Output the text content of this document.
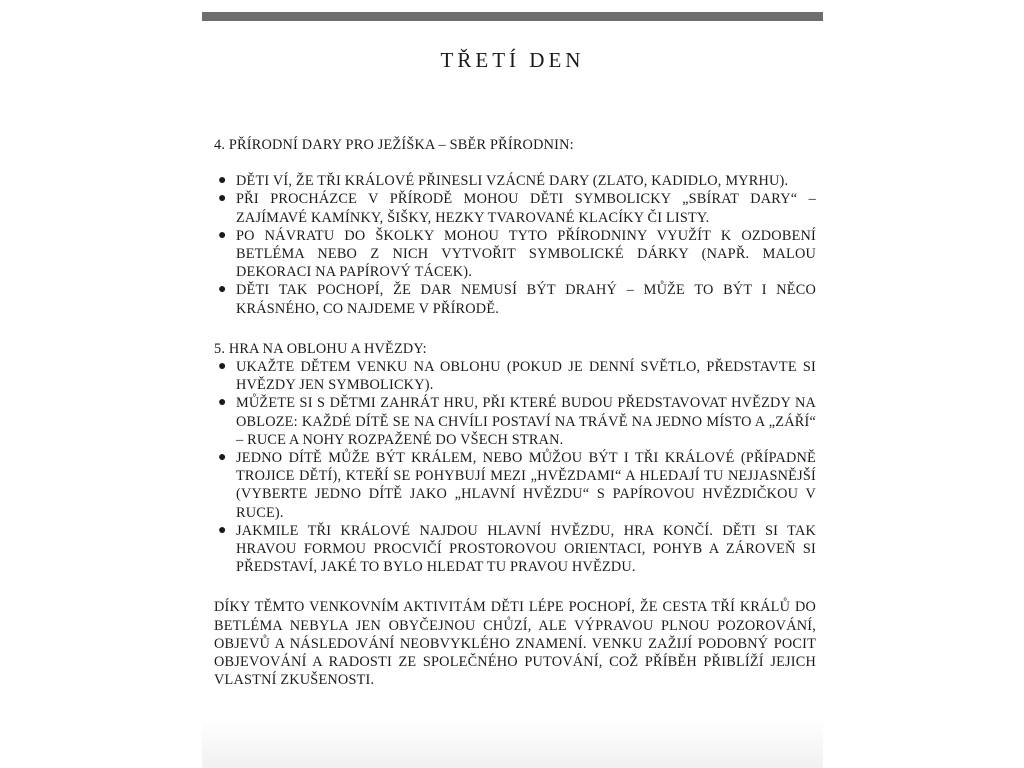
TŘETÍ DEN

4. PŘÍRODNÍ DARY PRO JEŽÍŠKA – SBĚR PŘÍRODNIN:

● DĚTI VÍ, ŽE TŘI KRÁLOVÉ PŘINESLI VZÁCNÉ DARY (ZLATO, KADIDLO, MYRHU).
● PŘI PROCHÁZCE V PŘÍRODĚ MOHOU DĚTI SYMBOLICKY „SBÍRAT DARY“ – ZAJÍMAVÉ KAMÍNKY, ŠIŠKY, HEZKY TVAROVANÉ KLACÍKY ČI LISTY.
● PO NÁVRATU DO ŠKOLKY MOHOU TYTO PŘÍRODNINY VYUŽÍT K OZDOBENÍ BETLÉMA NEBO Z NICH VYTVOŘIT SYMBOLICKÉ DÁRKY (NAPŘ. MALOU DEKORACI NA PAPÍROVÝ TÁCEK).
● DĚTI TAK POCHOPÍ, ŽE DAR NEMUSÍ BÝT DRAHÝ – MŮŽE TO BÝT I NĚCO KRÁSNÉHO, CO NAJDEME V PŘÍRODĚ.

5. HRA NA OBLOHU A HVĚZDY:

● UKAŽTE DĚTEM VENKU NA OBLOHU (POKUD JE DENNÍ SVĚTLO, PŘEDSTAVTE SI HVĚZDY JEN SYMBOLICKY).
● MŮŽETE SI S DĚTMI ZAHRÁT HRU, PŘI KTERÉ BUDOU PŘEDSTAVOVAT HVĚZDY NA OBLOZE: KAŽDÉ DÍTĚ SE NA CHVÍLI POSTAVÍ NA TRÁVĚ NA JEDNO MÍSTO A „ZÁŘÍ“ – RUCE A NOHY ROZPAŽENÉ DO VŠECH STRAN.
● JEDNO DÍTĚ MŮŽE BÝT KRÁLEM, NEBO MŮŽOU BÝT I TŘI KRÁLOVÉ (PŘÍPADNĚ TROJICE DĚTÍ), KTEŘÍ SE POHYBUJÍ MEZI „HVĚZDAMI“ A HLEDAJÍ TU NEJJASNĚJŠÍ (VYBERTE JEDNO DÍTĚ JAKO „HLAVNÍ HVĚZDU“ S PAPÍROVOU HVĚZDIČKOU V RUCE).
● JAKMILE TŘI KRÁLOVÉ NAJDOU HLAVNÍ HVĚZDU, HRA KONČÍ. DĚTI SI TAK HRAVOU FORMOU PROCVIČÍ PROSTOROVOU ORIENTACI, POHYB A ZÁROVEŇ SI PŘEDSTAVÍ, JAKÉ TO BYLO HLEDAT TU PRAVOU HVĚZDU.

DÍKY TĚMTO VENKOVNÍM AKTIVITÁM DĚTI LÉPE POCHOPÍ, ŽE CESTA TŘÍ KRÁLŮ DO BETLÉMA NEBYLA JEN OBYČEJNOU CHŮZÍ, ALE VÝPRAVOU PLNOU POZOROVÁNÍ, OBJEVŮ A NÁSLEDOVÁNÍ NEOBVYKLÉHO ZNAMENÍ. VENKU ZAŽIJÍ PODOBNÝ POCIT OBJEVOVÁNÍ A RADOSTI ZE SPOLEČNÉHO PUTOVÁNÍ, COŽ PŘÍBĚH PŘIBLÍŽÍ JEJICH VLASTNÍ ZKUŠENOSTI.
